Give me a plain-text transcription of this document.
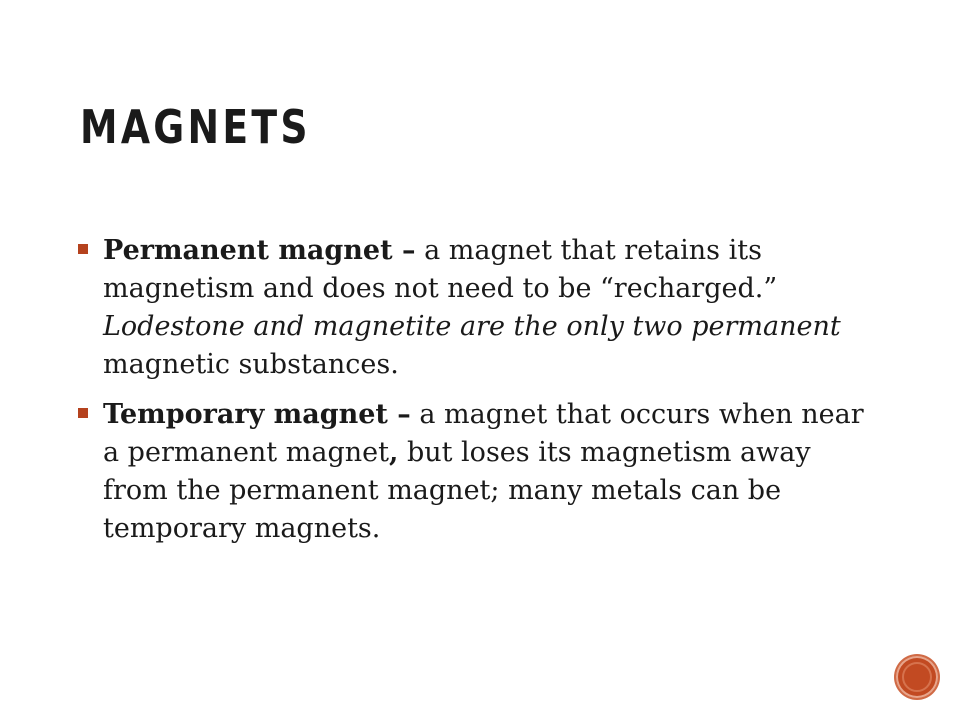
MAGNETS
Permanent magnet – a magnet that retains its magnetism and does not need to be “recharged.” Lodestone and magnetite are the only two permanent magnetic substances.
Temporary magnet – a magnet that occurs when near a permanent magnet, but loses its magnetism away from the permanent magnet; many metals can be temporary magnets.
